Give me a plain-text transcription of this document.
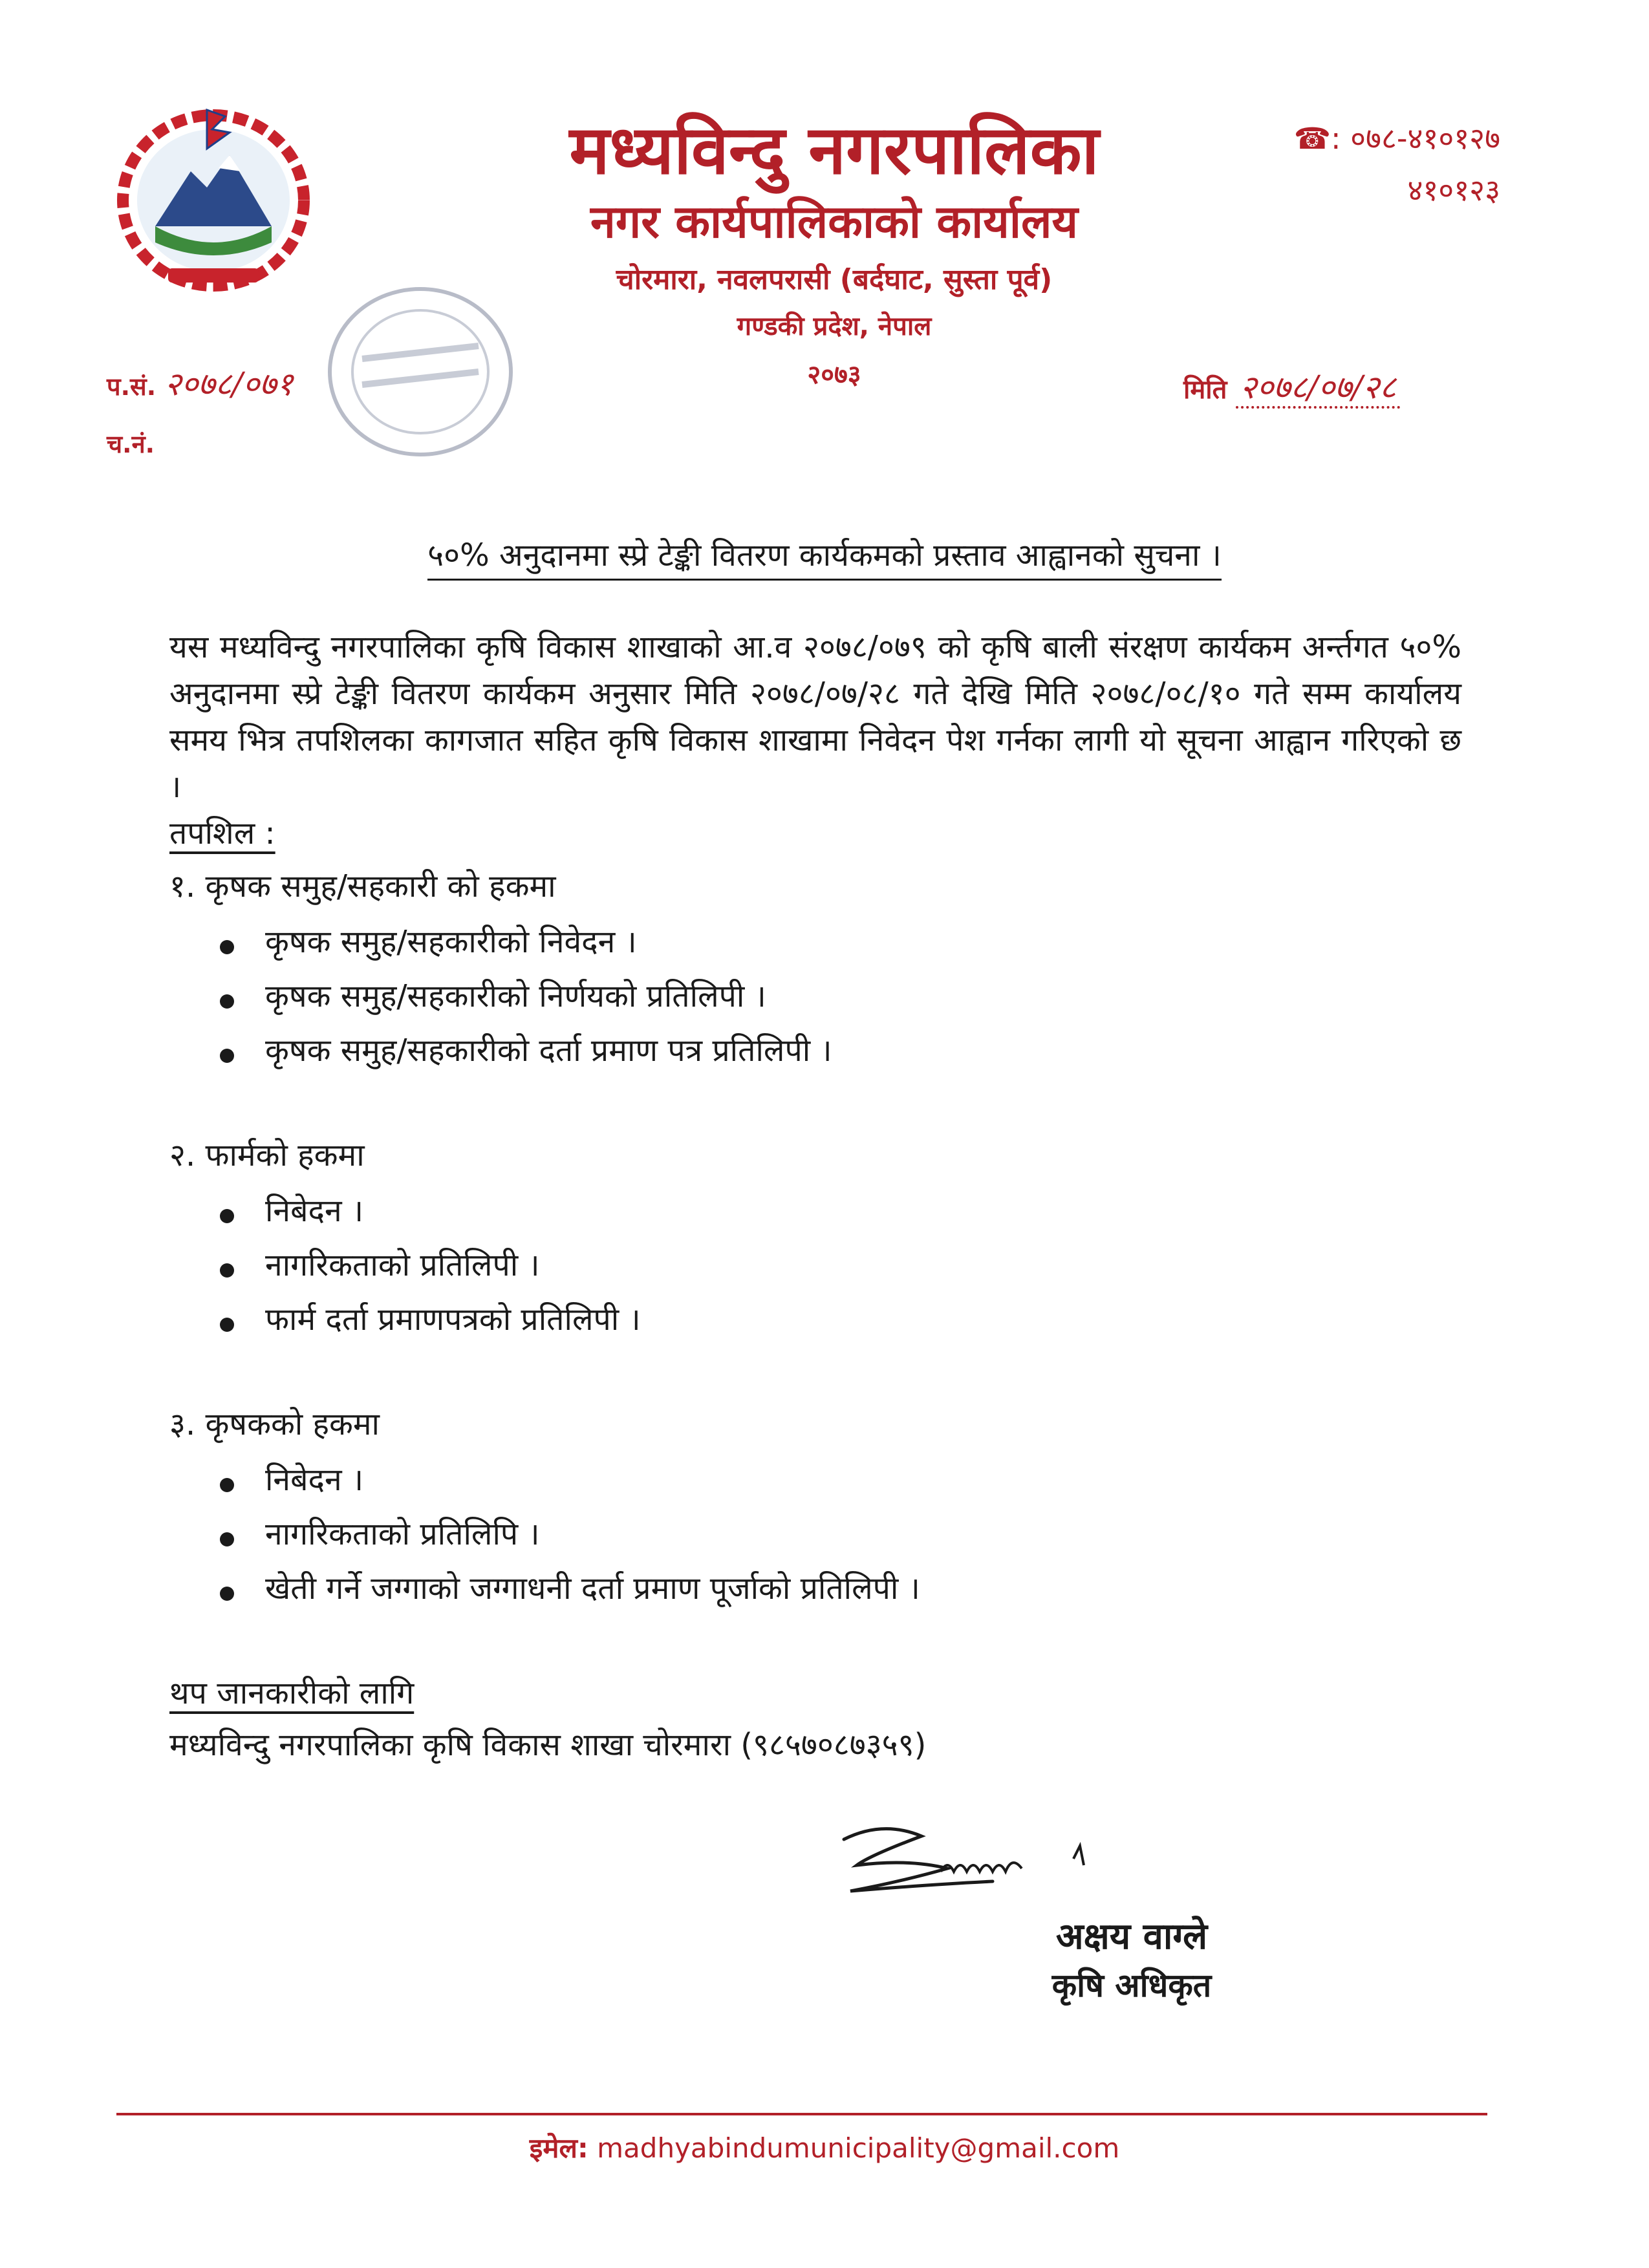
मध्यविन्दु नगरपालिका
नगर कार्यपालिकाको कार्यालय
चोरमारा, नवलपरासी (बर्दघाट, सुस्ता पूर्व)
गण्डकी प्रदेश, नेपाल
२०७३
☎: ०७८-४१०१२७
४१०१२३
प.सं. २०७८/०७१
च.नं.
मिति २०७८/०७/२८
५०% अनुदानमा स्प्रे टेङ्की वितरण कार्यकमको प्रस्ताव आह्वानको सुचना ।
यस मध्यविन्दु नगरपालिका कृषि विकास शाखाको आ.व २०७८/०७९ को कृषि बाली संरक्षण कार्यकम अर्न्तगत ५०% अनुदानमा स्प्रे टेङ्की वितरण कार्यकम अनुसार मिति २०७८/०७/२८ गते देखि मिति २०७८/०८/१० गते सम्म कार्यालय समय भित्र तपशिलका कागजात सहित कृषि विकास शाखामा निवेदन पेश गर्नका लागी यो सूचना आह्वान गरिएको छ ।
तपशिल :
१. कृषक समुह/सहकारी को हकमा
कृषक समुह/सहकारीको निवेदन ।
कृषक समुह/सहकारीको निर्णयको प्रतिलिपी ।
कृषक समुह/सहकारीको दर्ता प्रमाण पत्र प्रतिलिपी ।
२. फार्मको हकमा
निबेदन ।
नागरिकताको प्रतिलिपी ।
फार्म दर्ता प्रमाणपत्रको प्रतिलिपी ।
३. कृषकको हकमा
निबेदन ।
नागरिकताको प्रतिलिपि ।
खेती गर्ने जग्गाको जग्गाधनी दर्ता प्रमाण पूर्जाको प्रतिलिपी ।
थप जानकारीको लागि
मध्यविन्दु नगरपालिका कृषि विकास शाखा चोरमारा (९८५७०८७३५९)
अक्षय वाग्ले
कृषि अधिकृत
इमेल: madhyabindumunicipality@gmail.com
